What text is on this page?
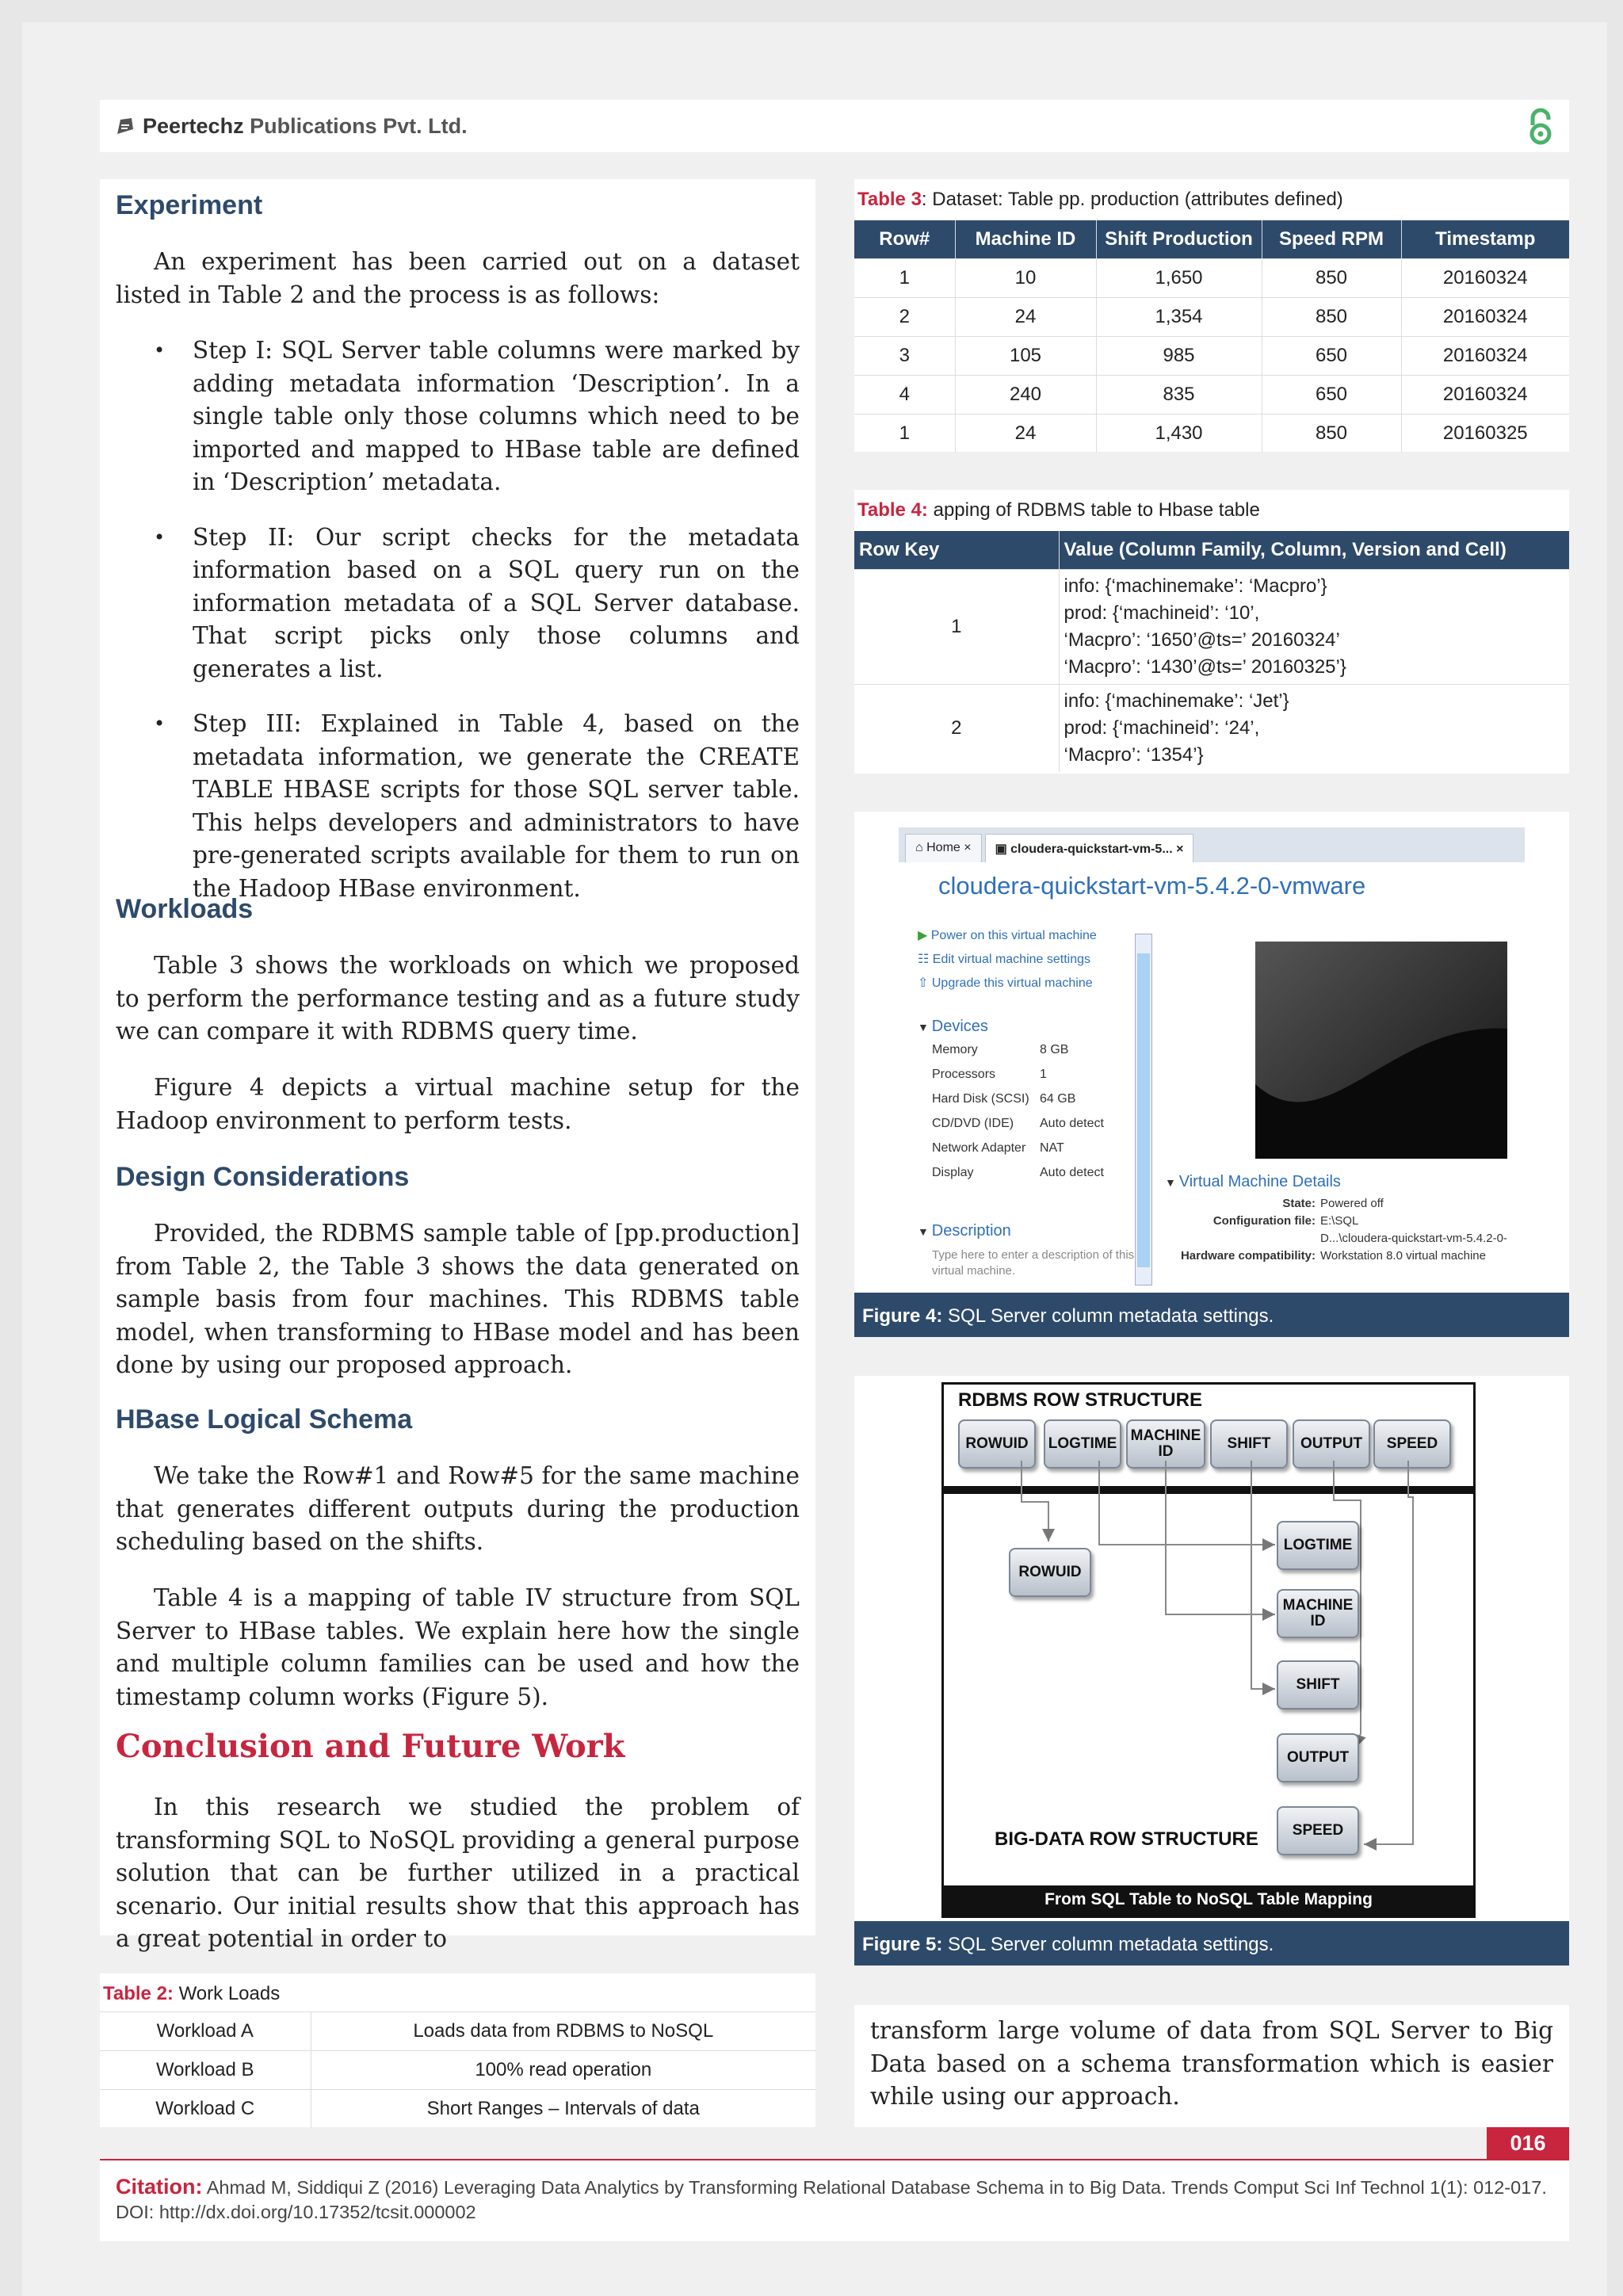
Peertechz Publications Pvt. Ltd.
Experiment
An experiment has been carried out on a dataset listed in Table 2 and the process is as follows:
• Step I: SQL Server table columns were marked by adding metadata information ‘Description’. In a single table only those columns which need to be imported and mapped to HBase table are defined in ‘Description’ metadata.
• Step II: Our script checks for the metadata information based on a SQL query run on the information metadata of a SQL Server database. That script picks only those columns and generates a list.
• Step III: Explained in Table 4, based on the metadata information, we generate the CREATE TABLE HBASE scripts for those SQL server table. This helps developers and administrators to have pre-generated scripts available for them to run on the Hadoop HBase environment.
Workloads
Table 3 shows the workloads on which we proposed to perform the performance testing and as a future study we can compare it with RDBMS query time.
Figure 4 depicts a virtual machine setup for the Hadoop environment to perform tests.
Design Considerations
Provided, the RDBMS sample table of [pp.production] from Table 2, the Table 3 shows the data generated on sample basis from four machines. This RDBMS table model, when transforming to HBase model and has been done by using our proposed approach.
HBase Logical Schema
We take the Row#1 and Row#5 for the same machine that generates different outputs during the production scheduling based on the shifts.
Table 4 is a mapping of table IV structure from SQL Server to HBase tables. We explain here how the single and multiple column families can be used and how the timestamp column works (Figure 5).
Conclusion and Future Work
In this research we studied the problem of transforming SQL to NoSQL providing a general purpose solution that can be further utilized in a practical scenario. Our initial results show that this approach has a great potential in order to
Table 2: Work Loads
Workload A	Loads data from RDBMS to NoSQL
Workload B	100% read operation
Workload C	Short Ranges – Intervals of data
Table 3: Dataset: Table pp. production (attributes defined)
Row#	Machine ID	Shift Production	Speed RPM	Timestamp
1	10	1,650	850	20160324
2	24	1,354	850	20160324
3	105	985	650	20160324
4	240	835	650	20160324
1	24	1,430	850	20160325
Table 4: apping of RDBMS table to Hbase table
Row Key	Value (Column Family, Column, Version and Cell)
1	info: {‘machinemake’: ‘Macpro’}
prod: {‘machineid’: ‘10’,
‘Macpro’: ‘1650’@ts=’ 20160324’
‘Macpro’: ‘1430’@ts=’ 20160325’}

2	info: {‘machinemake’: ‘Jet’}
prod: {‘machineid’: ‘24’,
‘Macpro’: ‘1354’}
⌂ Home ×	▣ cloudera-quickstart-vm-5... ×
cloudera-quickstart-vm-5.4.2-0-vmware
▶ Power on this virtual machine
☷ Edit virtual machine settings
⇧ Upgrade this virtual machine
▼ Devices
Memory	8 GB
Processors	1
Hard Disk (SCSI) 64 GB
CD/DVD (IDE)	Auto detect
Network Adapter	NAT
Display	Auto detect
▼ Description
Type here to enter a description of this virtual machine.
▼ Virtual Machine Details
State: Powered off
Configuration file: E:\SQL
D...\cloudera-quickstart-vm-5.4.2-0-
Hardware compatibility: Workstation 8.0 virtual machine
Figure 4: SQL Server column metadata settings.
RDBMS ROW STRUCTURE
ROWUID	LOGTIME MACHINE ID	SHIFT	OUTPUT	SPEED
ROWUID
LOGTIME
MACHINE ID
SHIFT
OUTPUT
SPEED
BIG-DATA ROW STRUCTURE
From SQL Table to NoSQL Table Mapping
Figure 5: SQL Server column metadata settings.
transform large volume of data from SQL Server to Big Data based on a schema transformation which is easier while using our approach.
016
Citation: Ahmad M, Siddiqui Z (2016) Leveraging Data Analytics by Transforming Relational Database Schema in to Big Data. Trends Comput Sci Inf Technol 1(1): 012-017. DOI: http://dx.doi.org/10.17352/tcsit.000002
